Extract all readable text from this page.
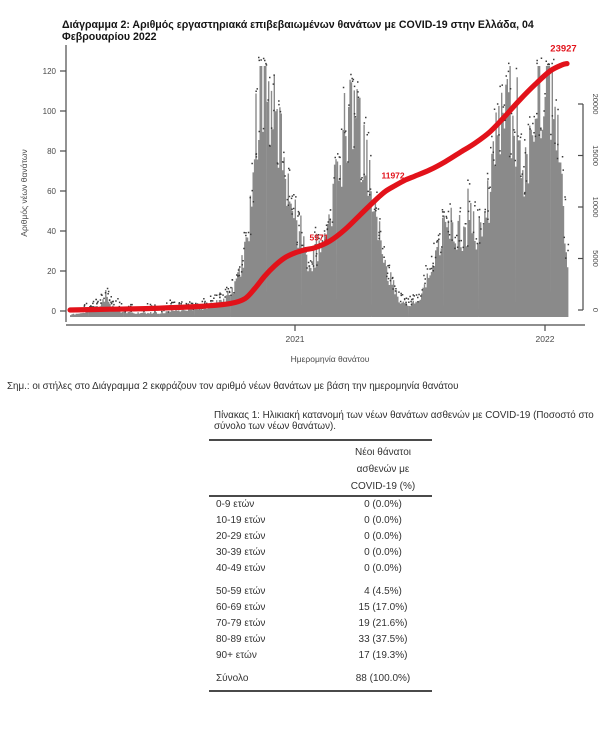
Διάγραμμα 2: Αριθμός εργαστηριακά επιβεβαιωμένων θανάτων με COVID-19 στην Ελλάδα, 04 Φεβρουαρίου 2022
0
20
40
60
80
100
120
Αριθμός νέων θανάτων
2021	2022
Ημερομηνία θανάτου
0
5000
10000
15000
20000
5971
11972
23927
Σημ.: οι στήλες στο Διάγραμμα 2 εκφράζουν τον αριθμό νέων θανάτων με βάση την ημερομηνία θανάτου
Πίνακας 1: Ηλικιακή κατανομή των νέων θανάτων ασθενών με COVID-19 (Ποσοστό στο σύνολο των νέων θανάτων).
Νέοι θάνατοι
ασθενών με
COVID-19 (%)
0-9 ετών	0 (0.0%)
10-19 ετών	0 (0.0%)
20-29 ετών	0 (0.0%)
30-39 ετών	0 (0.0%)
40-49 ετών	0 (0.0%)
50-59 ετών	4 (4.5%)
60-69 ετών	15 (17.0%)
70-79 ετών	19 (21.6%)
80-89 ετών	33 (37.5%)
90+ ετών	17 (19.3%)
Σύνολο	88 (100.0%)
